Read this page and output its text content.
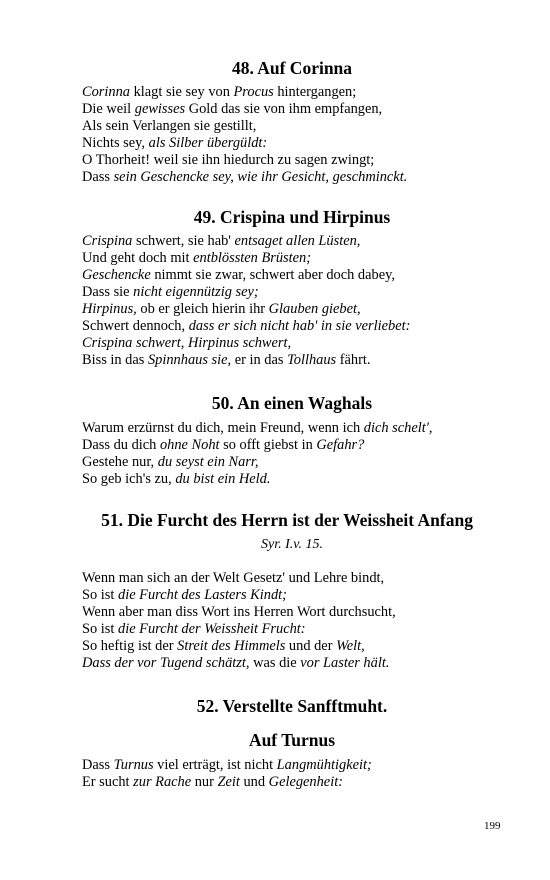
48. Auf Corinna
Corinna klagt sie sey von Procus hintergangen;
Die weil gewisses Gold das sie von ihm empfangen,
Als sein Verlangen sie gestillt,
Nichts sey, als Silber übergüldt:
O Thorheit! weil sie ihn hiedurch zu sagen zwingt;
Dass sein Geschencke sey, wie ihr Gesicht, geschminckt.
49. Crispina und Hirpinus
Crispina schwert, sie hab' entsaget allen Lüsten,
Und geht doch mit entblössten Brüsten;
Geschencke nimmt sie zwar, schwert aber doch dabey,
Dass sie nicht eigennützig sey;
Hirpinus, ob er gleich hierin ihr Glauben giebet,
Schwert dennoch, dass er sich nicht hab' in sie verliebet:
Crispina schwert, Hirpinus schwert,
Biss in das Spinnhaus sie, er in das Tollhaus fährt.
50. An einen Waghals
Warum erzürnst du dich, mein Freund, wenn ich dich schelt',
Dass du dich ohne Noht so offt giebst in Gefahr?
Gestehe nur, du seyst ein Narr,
So geb ich's zu, du bist ein Held.
51. Die Furcht des Herrn ist der Weissheit Anfang
Syr. I.v. 15.
Wenn man sich an der Welt Gesetz' und Lehre bindt,
So ist die Furcht des Lasters Kindt;
Wenn aber man diss Wort ins Herren Wort durchsucht,
So ist die Furcht der Weissheit Frucht:
So heftig ist der Streit des Himmels und der Welt,
Dass der vor Tugend schätzt, was die vor Laster hält.
52. Verstellte Sanfftmuht.
Auf Turnus
Dass Turnus viel erträgt, ist nicht Langmühtigkeit;
Er sucht zur Rache nur Zeit und Gelegenheit:
199
